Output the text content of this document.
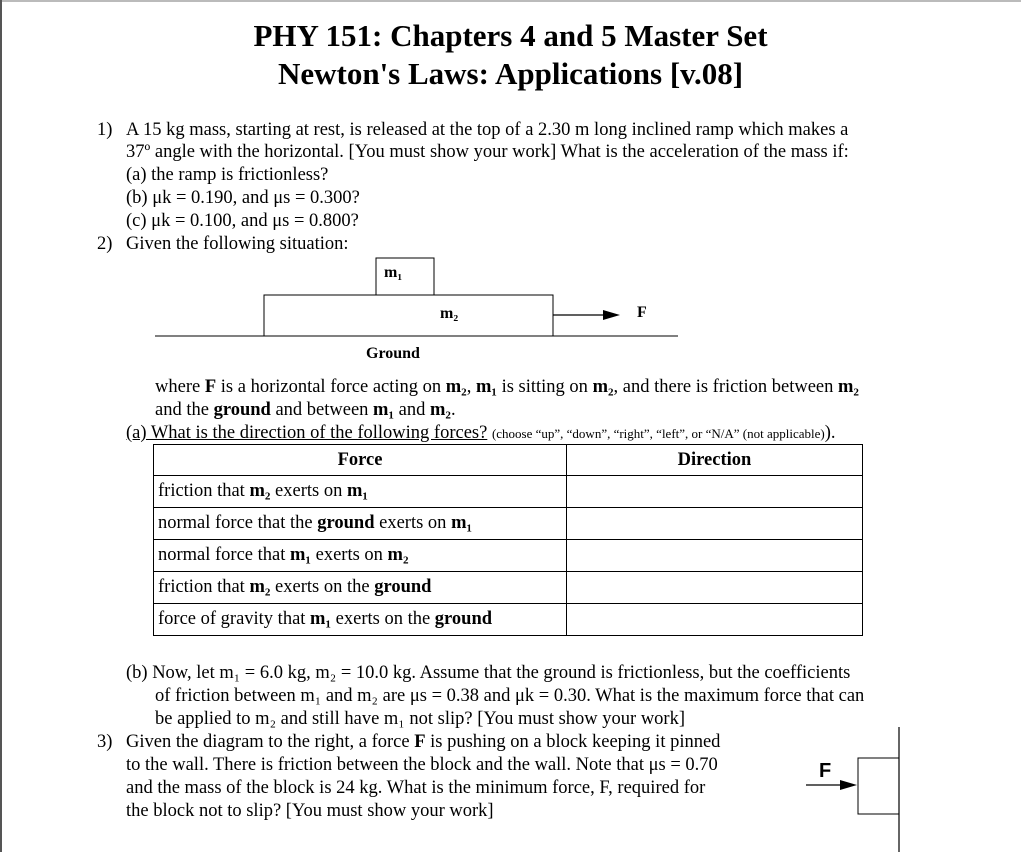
PHY 151: Chapters 4 and 5 Master Set
Newton's Laws: Applications [v.08]
1) A 15 kg mass, starting at rest, is released at the top of a 2.30 m long inclined ramp which makes a
37º angle with the horizontal. [You must show your work] What is the acceleration of the mass if:
(a) the ramp is frictionless?
(b) μk = 0.190, and μs = 0.300?
(c) μk = 0.100, and μs = 0.800?
2) Given the following situation:
m₁
m₂	F
Ground
where F is a horizontal force acting on m₂, m₁ is sitting on m₂, and there is friction between m₂
and the ground and between m₁ and m₂.
(a) What is the direction of the following forces? (choose “up”, “down”, “right”, “left”, or “N/A” (not applicable)).
Force	Direction
friction that m₂ exerts on m₁	
normal force that the ground exerts on m₁	
normal force that m₁ exerts on m₂	
friction that m₂ exerts on the ground	
force of gravity that m₁ exerts on the ground	
(b) Now, let m₁ = 6.0 kg, m₂ = 10.0 kg. Assume that the ground is frictionless, but the coefficients
of friction between m₁ and m₂ are μs = 0.38 and μk = 0.30. What is the maximum force that can
be applied to m₂ and still have m₁ not slip? [You must show your work]
3) Given the diagram to the right, a force F is pushing on a block keeping it pinned
to the wall. There is friction between the block and the wall. Note that μs = 0.70
and the mass of the block is 24 kg. What is the minimum force, F, required for
the block not to slip? [You must show your work]
F
